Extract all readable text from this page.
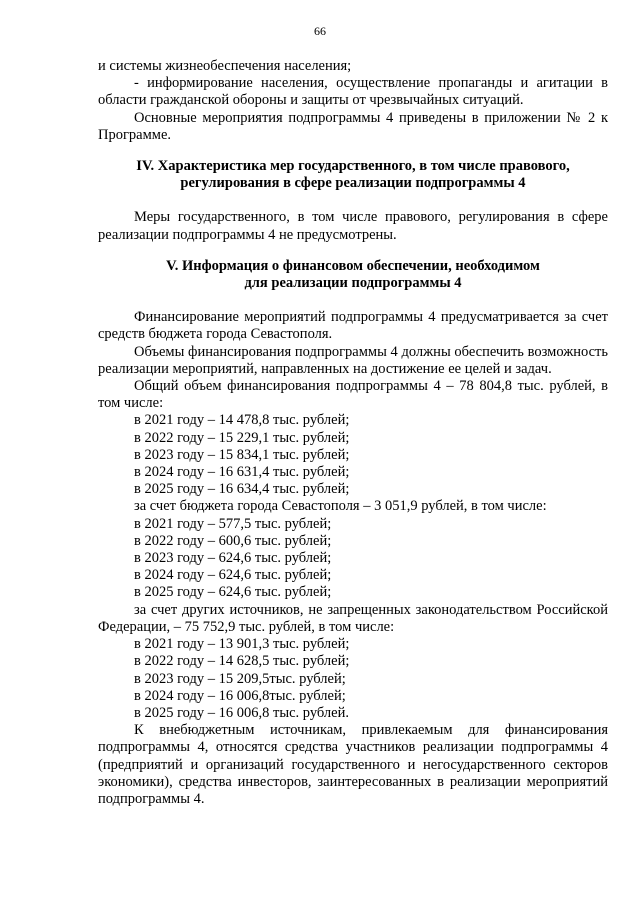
66

и системы жизнеобеспечения населения;

- информирование населения, осуществление пропаганды и агитации в области гражданской обороны и защиты от чрезвычайных ситуаций.

Основные мероприятия подпрограммы 4 приведены в приложении № 2 к Программе.

IV. Характеристика мер государственного, в том числе правового,
регулирования в сфере реализации подпрограммы 4

Меры государственного, в том числе правового, регулирования в сфере реализации подпрограммы 4 не предусмотрены.

V. Информация о финансовом обеспечении, необходимом
для реализации подпрограммы 4

Финансирование мероприятий подпрограммы 4 предусматривается за счет средств бюджета города Севастополя.

Объемы финансирования подпрограммы 4 должны обеспечить возможность реализации мероприятий, направленных на достижение ее целей и задач.

Общий объем финансирования подпрограммы 4 – 78 804,8 тыс. рублей, в том числе:

в 2021 году – 14 478,8 тыс. рублей;
в 2022 году – 15 229,1 тыс. рублей;
в 2023 году – 15 834,1 тыс. рублей;
в 2024 году – 16 631,4 тыс. рублей;
в 2025 году – 16 634,4 тыс. рублей;

за счет бюджета города Севастополя – 3 051,9 рублей, в том числе:

в 2021 году – 577,5 тыс. рублей;
в 2022 году – 600,6 тыс. рублей;
в 2023 году – 624,6 тыс. рублей;
в 2024 году – 624,6 тыс. рублей;
в 2025 году – 624,6 тыс. рублей;

за счет других источников, не запрещенных законодательством Российской Федерации, – 75 752,9 тыс. рублей, в том числе:

в 2021 году – 13 901,3 тыс. рублей;
в 2022 году – 14 628,5 тыс. рублей;
в 2023 году – 15 209,5тыс. рублей;
в 2024 году – 16 006,8тыс. рублей;
в 2025 году – 16 006,8 тыс. рублей.

К внебюджетным источникам, привлекаемым для финансирования подпрограммы 4, относятся средства участников реализации подпрограммы 4 (предприятий и организаций государственного и негосударственного секторов экономики), средства инвесторов, заинтересованных в реализации мероприятий подпрограммы 4.
